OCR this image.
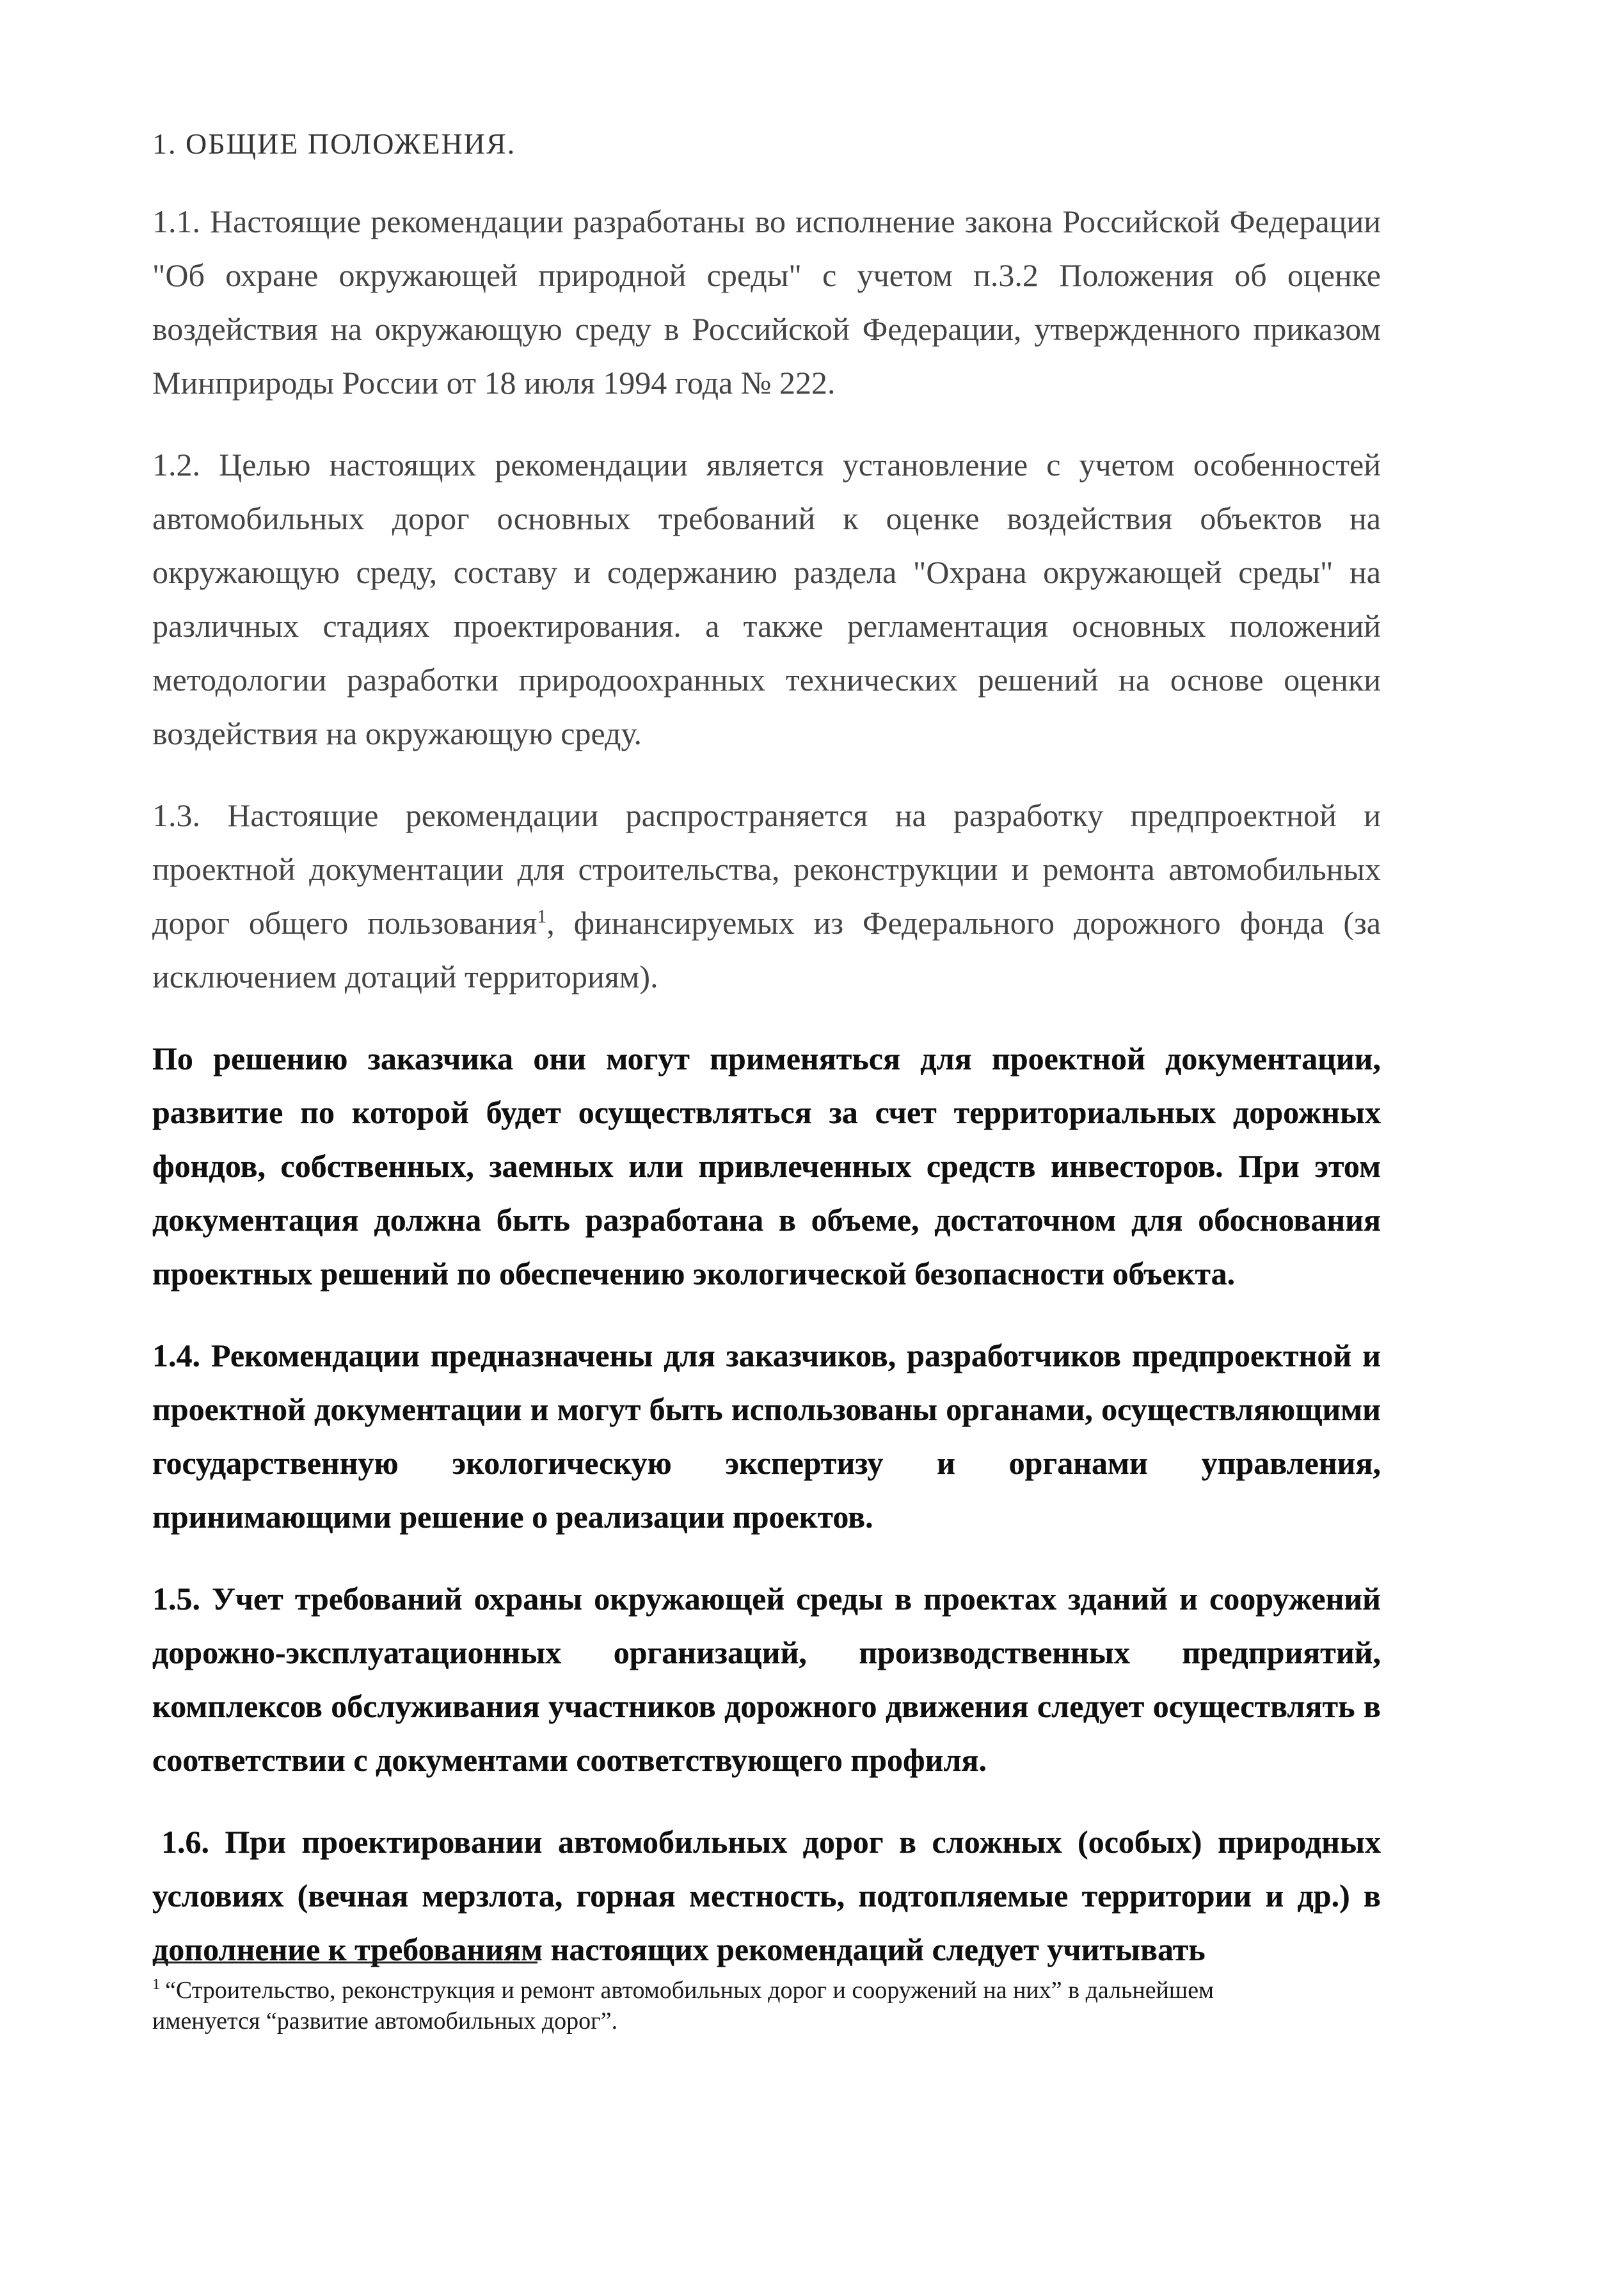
1. ОБЩИЕ ПОЛОЖЕНИЯ.

1.1. Настоящие рекомендации разработаны во исполнение закона Российской Федерации "Об охране окружающей природной среды" с учетом п.3.2 Положения об оценке воздействия на окружающую среду в Российской Федерации, утвержденного приказом Минприроды России от 18 июля 1994 года № 222.

1.2. Целью настоящих рекомендации является установление с учетом особенностей автомобильных дорог основных требований к оценке воздействия объектов на окружающую среду, составу и содержанию раздела "Охрана окружающей среды" на различных стадиях проектирования. а также регламентация основных положений методологии разработки природоохранных технических решений на основе оценки воздействия на окружающую среду.

1.3. Настоящие рекомендации распространяется на разработку предпроектной и проектной документации для строительства, реконструкции и ремонта автомобильных дорог общего пользования$^1$, финансируемых из Федерального дорожного фонда (за исключением дотаций территориям).

По решению заказчика они могут применяться для проектной документации, развитие по которой будет осуществляться за счет территориальных дорожных фондов, собственных, заемных или привлеченных средств инвесторов. При этом документация должна быть разработана в объеме, достаточном для обоснования проектных решений по обеспечению экологической безопасности объекта.

1.4. Рекомендации предназначены для заказчиков, разработчиков предпроектной и проектной документации и могут быть использованы органами, осуществляющими государственную экологическую экспертизу и органами управления, принимающими решение о реализации проектов.

1.5. Учет требований охраны окружающей среды в проектах зданий и сооружений дорожно-эксплуатационных организаций, производственных предприятий, комплексов обслуживания участников дорожного движения следует осуществлять в соответствии с документами соответствующего профиля.

1.6. При проектировании автомобильных дорог в сложных (особых) природных условиях (вечная мерзлота, горная местность, подтопляемые территории и др.) в дополнение к требованиям настоящих рекомендаций следует учитывать

$^1$ “Строительство, реконструкция и ремонт автомобильных дорог и сооружений на них” в дальнейшем именуется “развитие автомобильных дорог”.
